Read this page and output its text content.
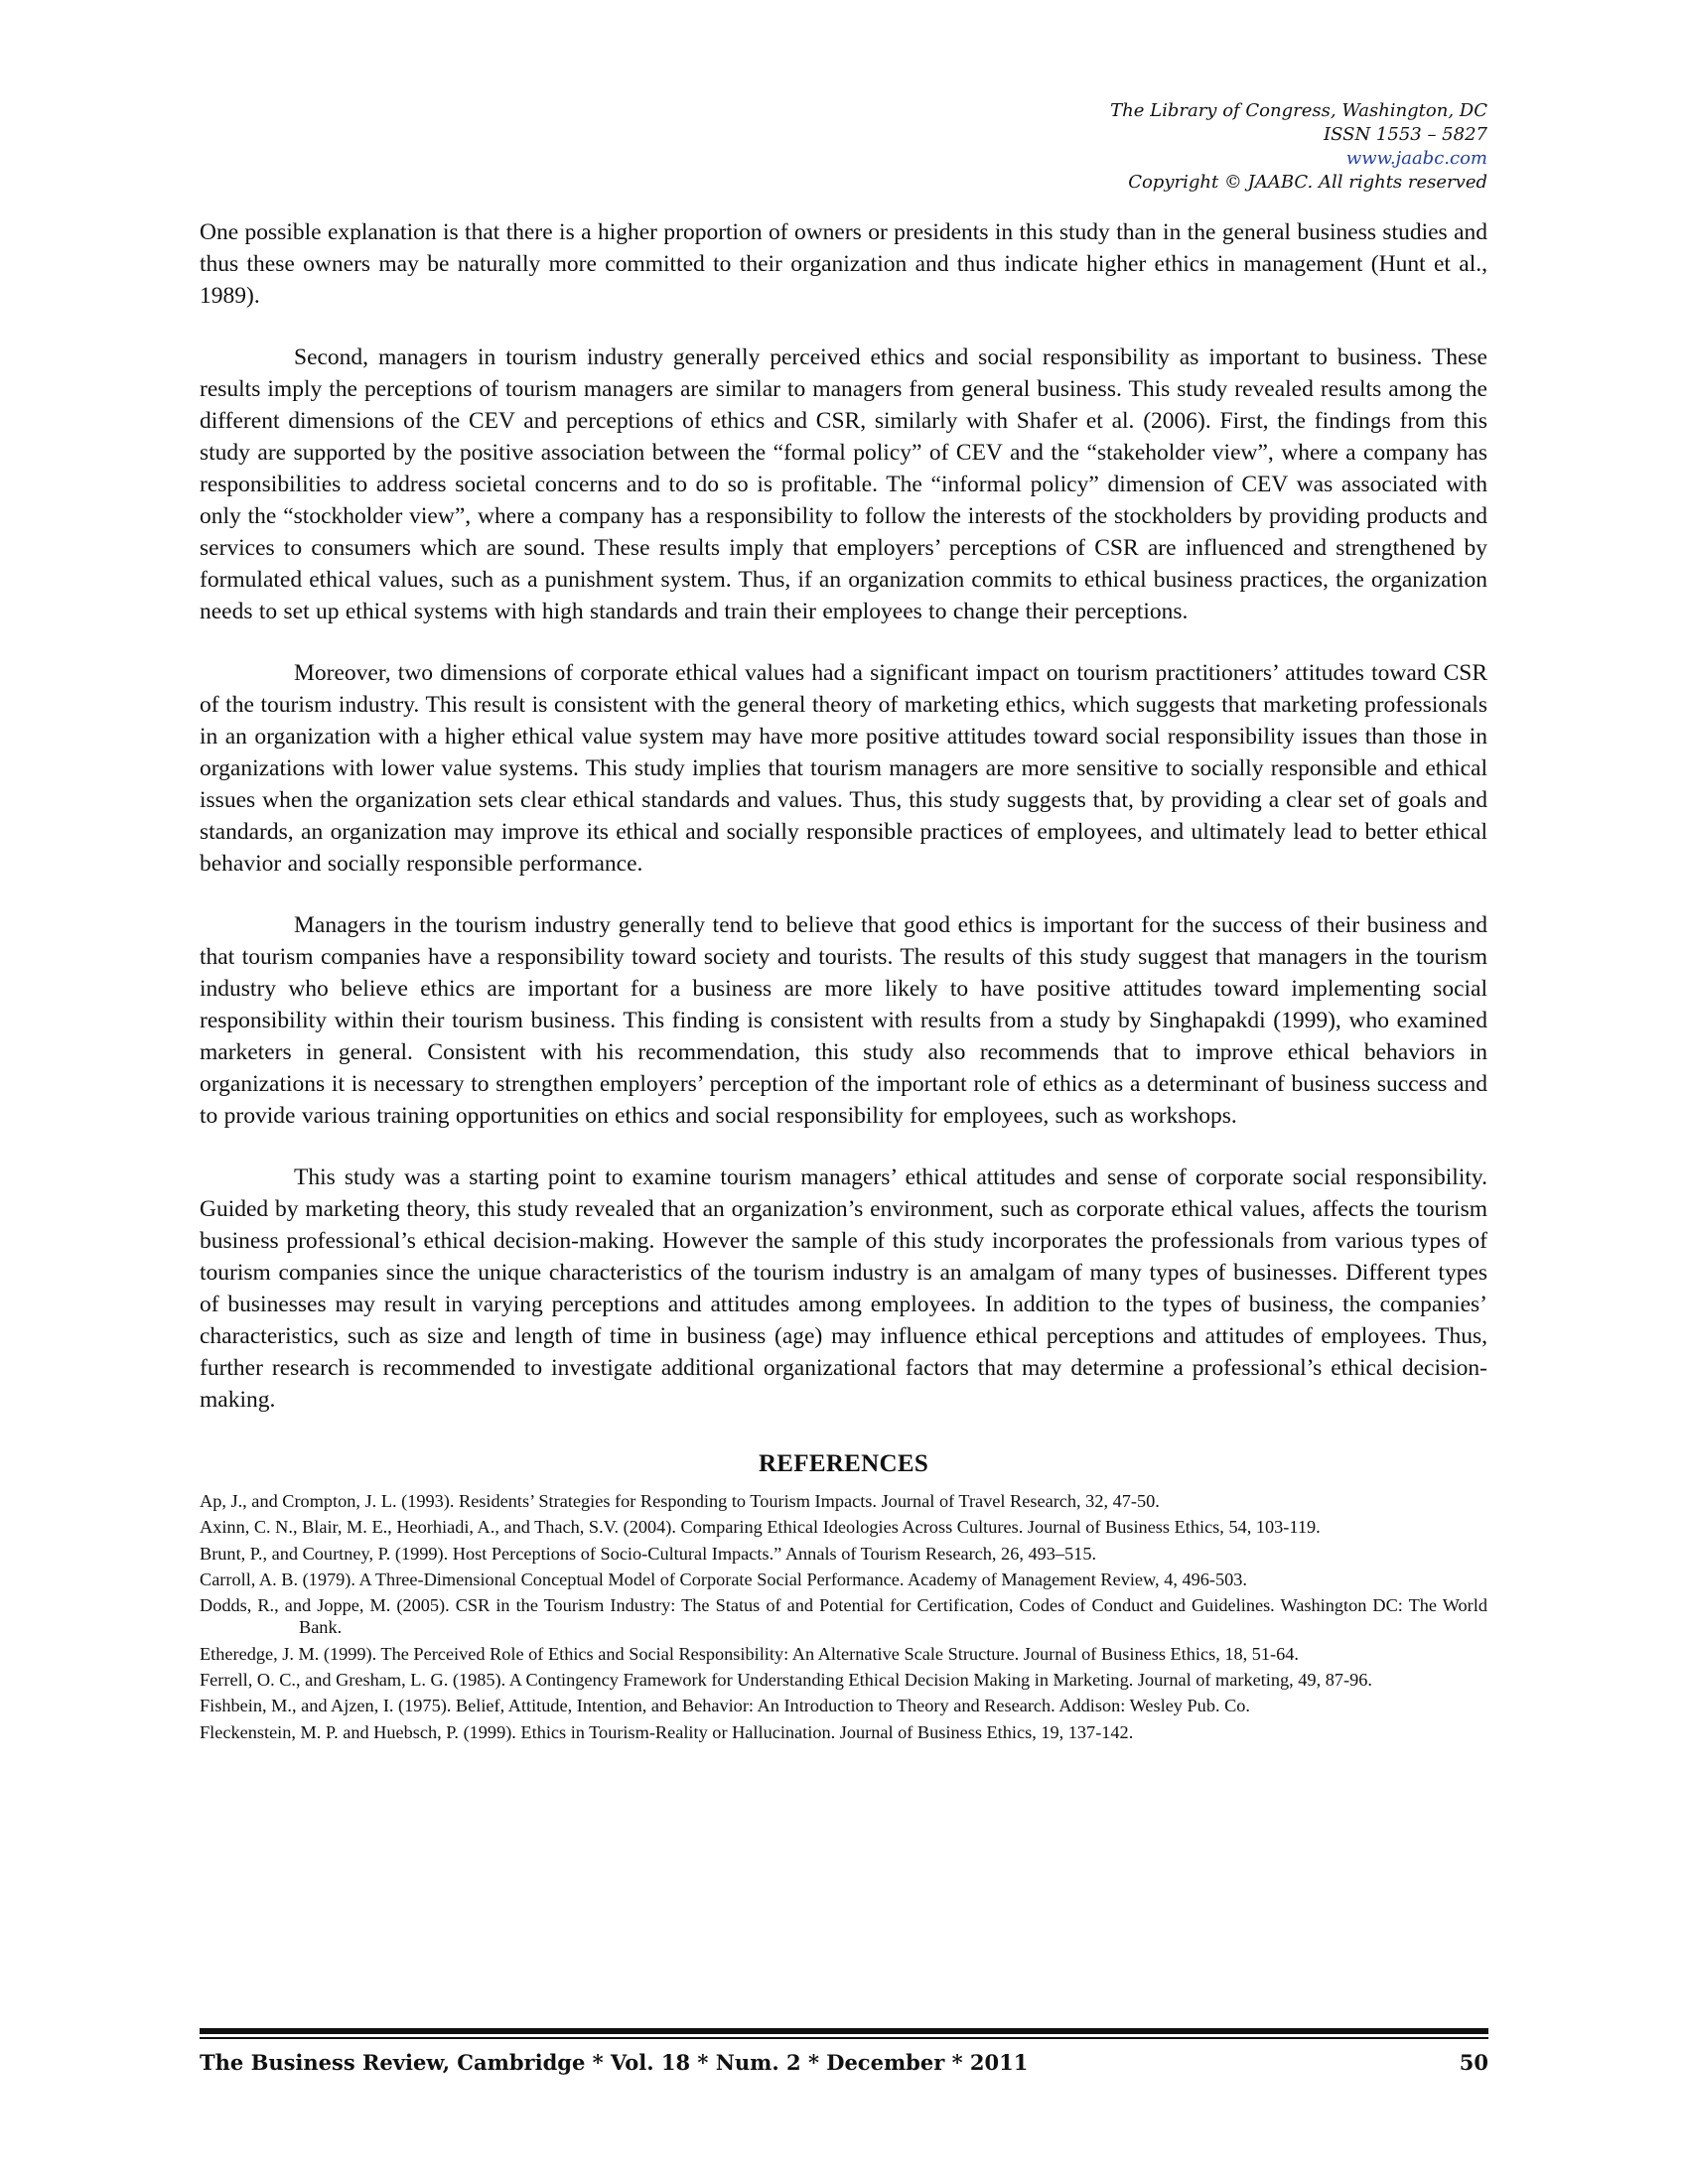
The Library of Congress, Washington, DC
ISSN 1553 – 5827
www.jaabc.com
Copyright © JAABC. All rights reserved

One possible explanation is that there is a higher proportion of owners or presidents in this study than in the general business studies and thus these owners may be naturally more committed to their organization and thus indicate higher ethics in management (Hunt et al., 1989).

Second, managers in tourism industry generally perceived ethics and social responsibility as important to business. These results imply the perceptions of tourism managers are similar to managers from general business. This study revealed results among the different dimensions of the CEV and perceptions of ethics and CSR, similarly with Shafer et al. (2006). First, the findings from this study are supported by the positive association between the “formal policy” of CEV and the “stakeholder view”, where a company has responsibilities to address societal concerns and to do so is profitable. The “informal policy” dimension of CEV was associated with only the “stockholder view”, where a company has a responsibility to follow the interests of the stockholders by providing products and services to consumers which are sound. These results imply that employers’ perceptions of CSR are influenced and strengthened by formulated ethical values, such as a punishment system. Thus, if an organization commits to ethical business practices, the organization needs to set up ethical systems with high standards and train their employees to change their perceptions.

Moreover, two dimensions of corporate ethical values had a significant impact on tourism practitioners’ attitudes toward CSR of the tourism industry. This result is consistent with the general theory of marketing ethics, which suggests that marketing professionals in an organization with a higher ethical value system may have more positive attitudes toward social responsibility issues than those in organizations with lower value systems. This study implies that tourism managers are more sensitive to socially responsible and ethical issues when the organization sets clear ethical standards and values. Thus, this study suggests that, by providing a clear set of goals and standards, an organization may improve its ethical and socially responsible practices of employees, and ultimately lead to better ethical behavior and socially responsible performance.

Managers in the tourism industry generally tend to believe that good ethics is important for the success of their business and that tourism companies have a responsibility toward society and tourists. The results of this study suggest that managers in the tourism industry who believe ethics are important for a business are more likely to have positive attitudes toward implementing social responsibility within their tourism business. This finding is consistent with results from a study by Singhapakdi (1999), who examined marketers in general. Consistent with his recommendation, this study also recommends that to improve ethical behaviors in organizations it is necessary to strengthen employers’ perception of the important role of ethics as a determinant of business success and to provide various training opportunities on ethics and social responsibility for employees, such as workshops.

This study was a starting point to examine tourism managers’ ethical attitudes and sense of corporate social responsibility. Guided by marketing theory, this study revealed that an organization’s environment, such as corporate ethical values, affects the tourism business professional’s ethical decision-making. However the sample of this study incorporates the professionals from various types of tourism companies since the unique characteristics of the tourism industry is an amalgam of many types of businesses. Different types of businesses may result in varying perceptions and attitudes among employees. In addition to the types of business, the companies’ characteristics, such as size and length of time in business (age) may influence ethical perceptions and attitudes of employees. Thus, further research is recommended to investigate additional organizational factors that may determine a professional’s ethical decision-making.

REFERENCES
Ap, J., and Crompton, J. L. (1993). Residents’ Strategies for Responding to Tourism Impacts. Journal of Travel Research, 32, 47-50.
Axinn, C. N., Blair, M. E., Heorhiadi, A., and Thach, S.V. (2004). Comparing Ethical Ideologies Across Cultures. Journal of Business Ethics, 54, 103-119.
Brunt, P., and Courtney, P. (1999). Host Perceptions of Socio-Cultural Impacts.” Annals of Tourism Research, 26, 493–515.
Carroll, A. B. (1979). A Three-Dimensional Conceptual Model of Corporate Social Performance. Academy of Management Review, 4, 496-503.
Dodds, R., and Joppe, M. (2005). CSR in the Tourism Industry: The Status of and Potential for Certification, Codes of Conduct and Guidelines. Washington DC: The World Bank.
Etheredge, J. M. (1999). The Perceived Role of Ethics and Social Responsibility: An Alternative Scale Structure. Journal of Business Ethics, 18, 51-64.
Ferrell, O. C., and Gresham, L. G. (1985). A Contingency Framework for Understanding Ethical Decision Making in Marketing. Journal of marketing, 49, 87-96.
Fishbein, M., and Ajzen, I. (1975). Belief, Attitude, Intention, and Behavior: An Introduction to Theory and Research. Addison: Wesley Pub. Co.
Fleckenstein, M. P. and Huebsch, P. (1999). Ethics in Tourism-Reality or Hallucination. Journal of Business Ethics, 19, 137-142.
The Business Review, Cambridge * Vol. 18 * Num. 2 * December * 2011	50
